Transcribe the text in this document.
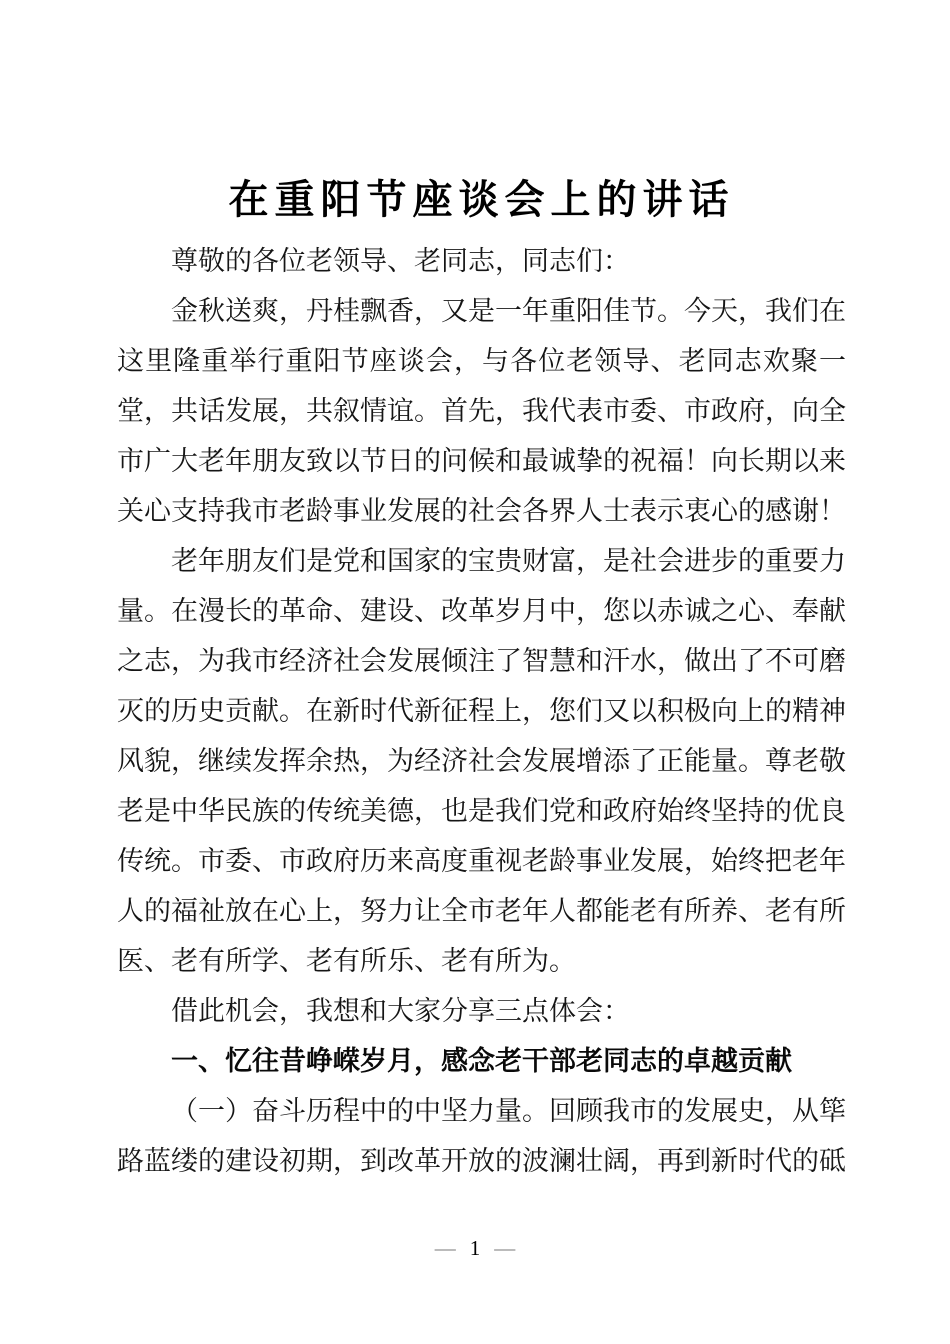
在重阳节座谈会上的讲话

尊敬的各位老领导、老同志，同志们：

金秋送爽，丹桂飘香，又是一年重阳佳节。今天，我们在这里隆重举行重阳节座谈会，与各位老领导、老同志欢聚一堂，共话发展，共叙情谊。首先，我代表市委、市政府，向全市广大老年朋友致以节日的问候和最诚挚的祝福！向长期以来关心支持我市老龄事业发展的社会各界人士表示衷心的感谢！

老年朋友们是党和国家的宝贵财富，是社会进步的重要力量。在漫长的革命、建设、改革岁月中，您以赤诚之心、奉献之志，为我市经济社会发展倾注了智慧和汗水，做出了不可磨灭的历史贡献。在新时代新征程上，您们又以积极向上的精神风貌，继续发挥余热，为经济社会发展增添了正能量。尊老敬老是中华民族的传统美德，也是我们党和政府始终坚持的优良传统。市委、市政府历来高度重视老龄事业发展，始终把老年人的福祉放在心上，努力让全市老年人都能老有所养、老有所医、老有所学、老有所乐、老有所为。

借此机会，我想和大家分享三点体会：

一、忆往昔峥嵘岁月，感念老干部老同志的卓越贡献

（一）奋斗历程中的中坚力量。回顾我市的发展史，从筚路蓝缕的建设初期，到改革开放的波澜壮阔，再到新时代的砥

— 1 —
